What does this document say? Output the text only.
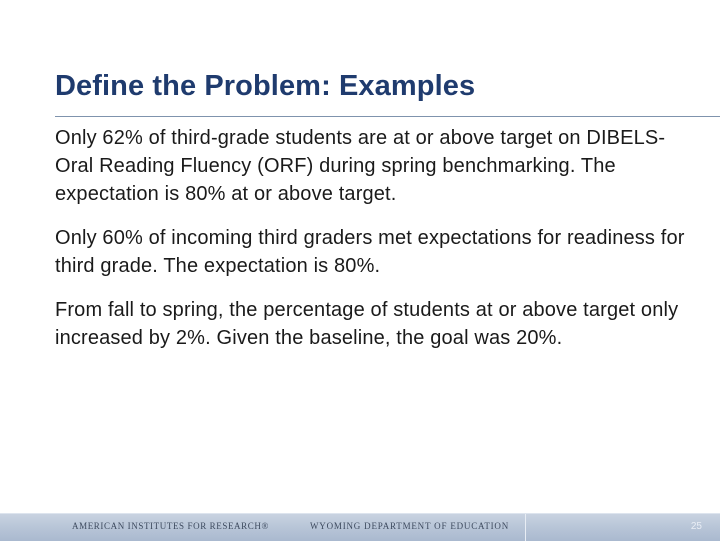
Define the Problem: Examples

Only 62% of third-grade students are at or above target on DIBELS-Oral Reading Fluency (ORF) during spring benchmarking. The expectation is 80% at or above target.

Only 60% of incoming third graders met expectations for readiness for third grade. The expectation is 80%.

From fall to spring, the percentage of students at or above target only increased by 2%. Given the baseline, the goal was 20%.

AMERICAN INSTITUTES FOR RESEARCH®	WYOMING DEPARTMENT OF EDUCATION	25
